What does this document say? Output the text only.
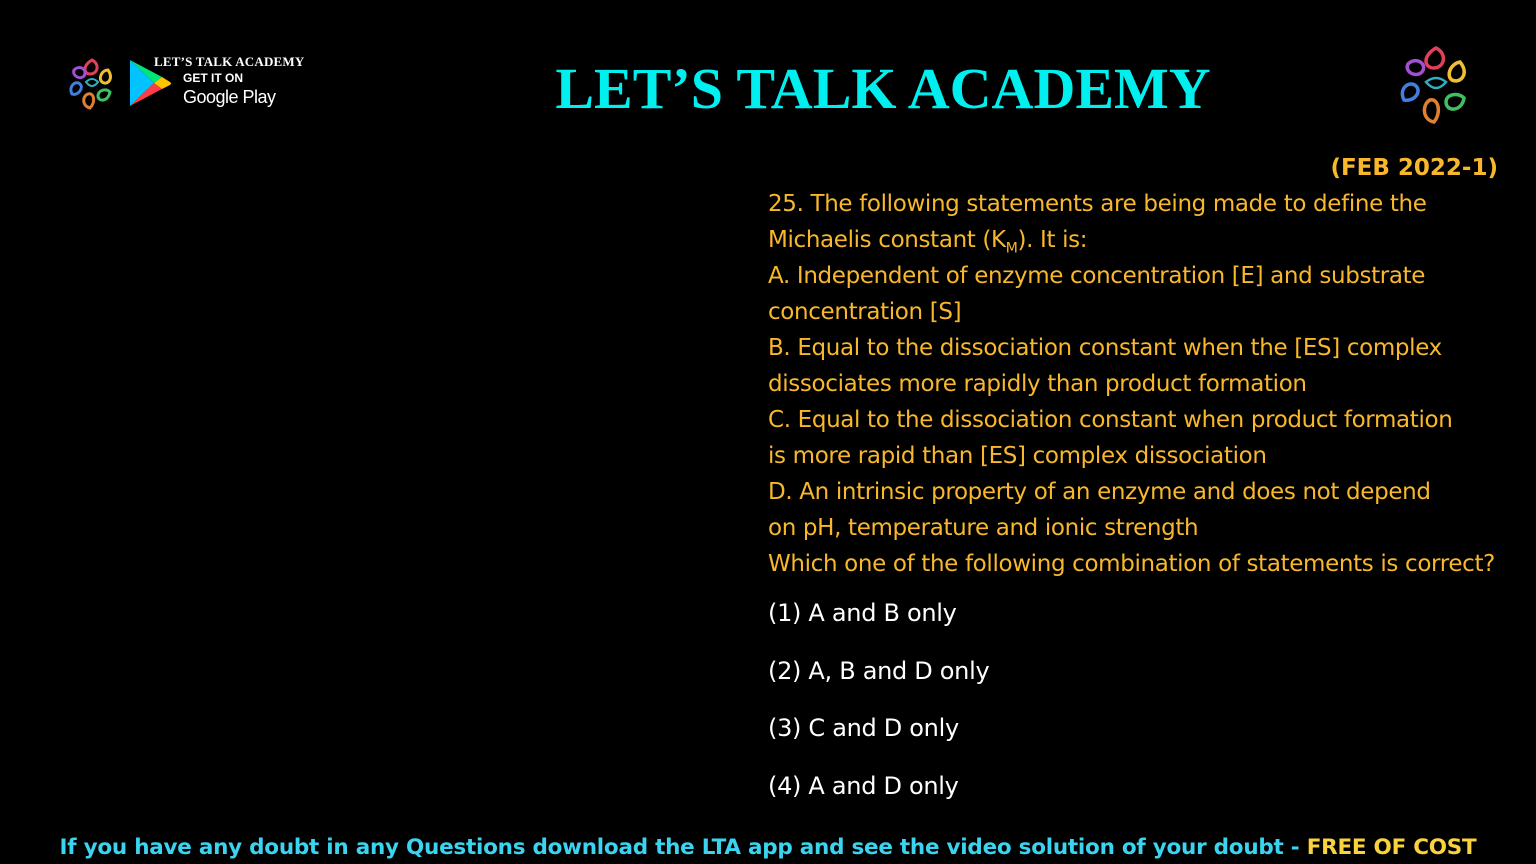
LET’S TALK ACADEMY
GET IT ON
Google Play	LET’S TALK ACADEMY
(FEB 2022-1)
25. The following statements are being made to define the
Michaelis constant $(K_M)$. It is:
A. Independent of enzyme concentration [E] and substrate
concentration [S]
B. Equal to the dissociation constant when the [ES] complex
dissociates more rapidly than product formation
C. Equal to the dissociation constant when product formation
is more rapid than [ES] complex dissociation
D. An intrinsic property of an enzyme and does not depend
on pH, temperature and ionic strength
Which one of the following combination of statements is correct?
(1) A and B only
(2) A, B and D only
(3) C and D only
(4) A and D only
If you have any doubt in any Questions download the LTA app and see the video solution of your doubt - FREE OF COST
